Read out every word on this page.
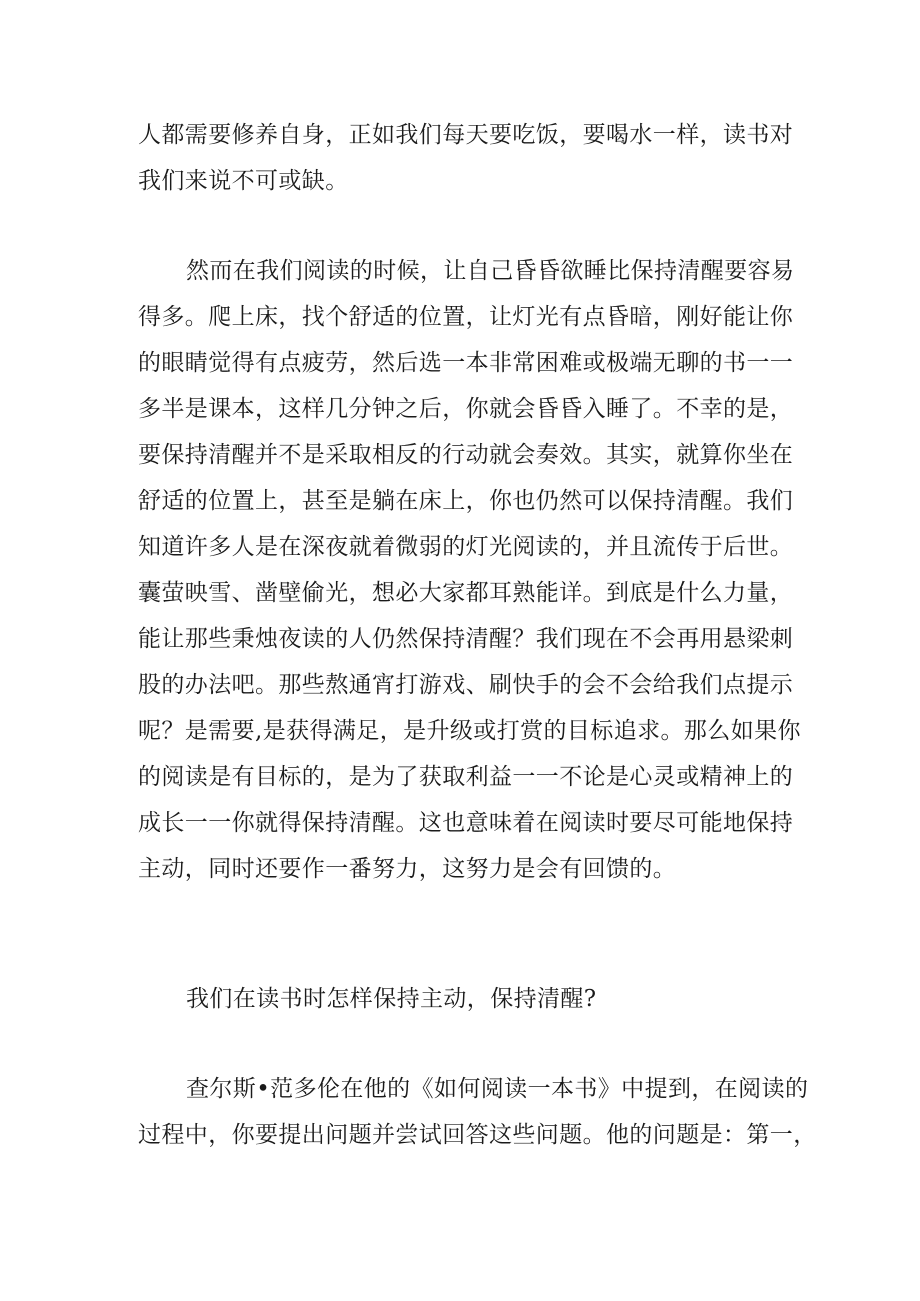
人都需要修养自身，正如我们每天要吃饭，要喝水一样，读书对
我们来说不可或缺。
然而在我们阅读的时候，让自己昏昏欲睡比保持清醒要容易
得多。爬上床，找个舒适的位置，让灯光有点昏暗，刚好能让你
的眼睛觉得有点疲劳，然后选一本非常困难或极端无聊的书一一
多半是课本，这样几分钟之后，你就会昏昏入睡了。不幸的是，
要保持清醒并不是采取相反的行动就会奏效。其实，就算你坐在
舒适的位置上，甚至是躺在床上，你也仍然可以保持清醒。我们
知道许多人是在深夜就着微弱的灯光阅读的，并且流传于后世。
囊萤映雪、凿壁偷光，想必大家都耳熟能详。到底是什么力量，
能让那些秉烛夜读的人仍然保持清醒？我们现在不会再用悬梁刺
股的办法吧。那些熬通宵打游戏、刷快手的会不会给我们点提示
呢？是需要,是获得满足，是升级或打赏的目标追求。那么如果你
的阅读是有目标的，是为了获取利益一一不论是心灵或精神上的
成长一一你就得保持清醒。这也意味着在阅读时要尽可能地保持
主动，同时还要作一番努力，这努力是会有回馈的。
我们在读书时怎样保持主动，保持清醒?
查尔斯•范多伦在他的《如何阅读一本书》中提到，在阅读的
过程中，你要提出问题并尝试回答这些问题。他的问题是：第一，
